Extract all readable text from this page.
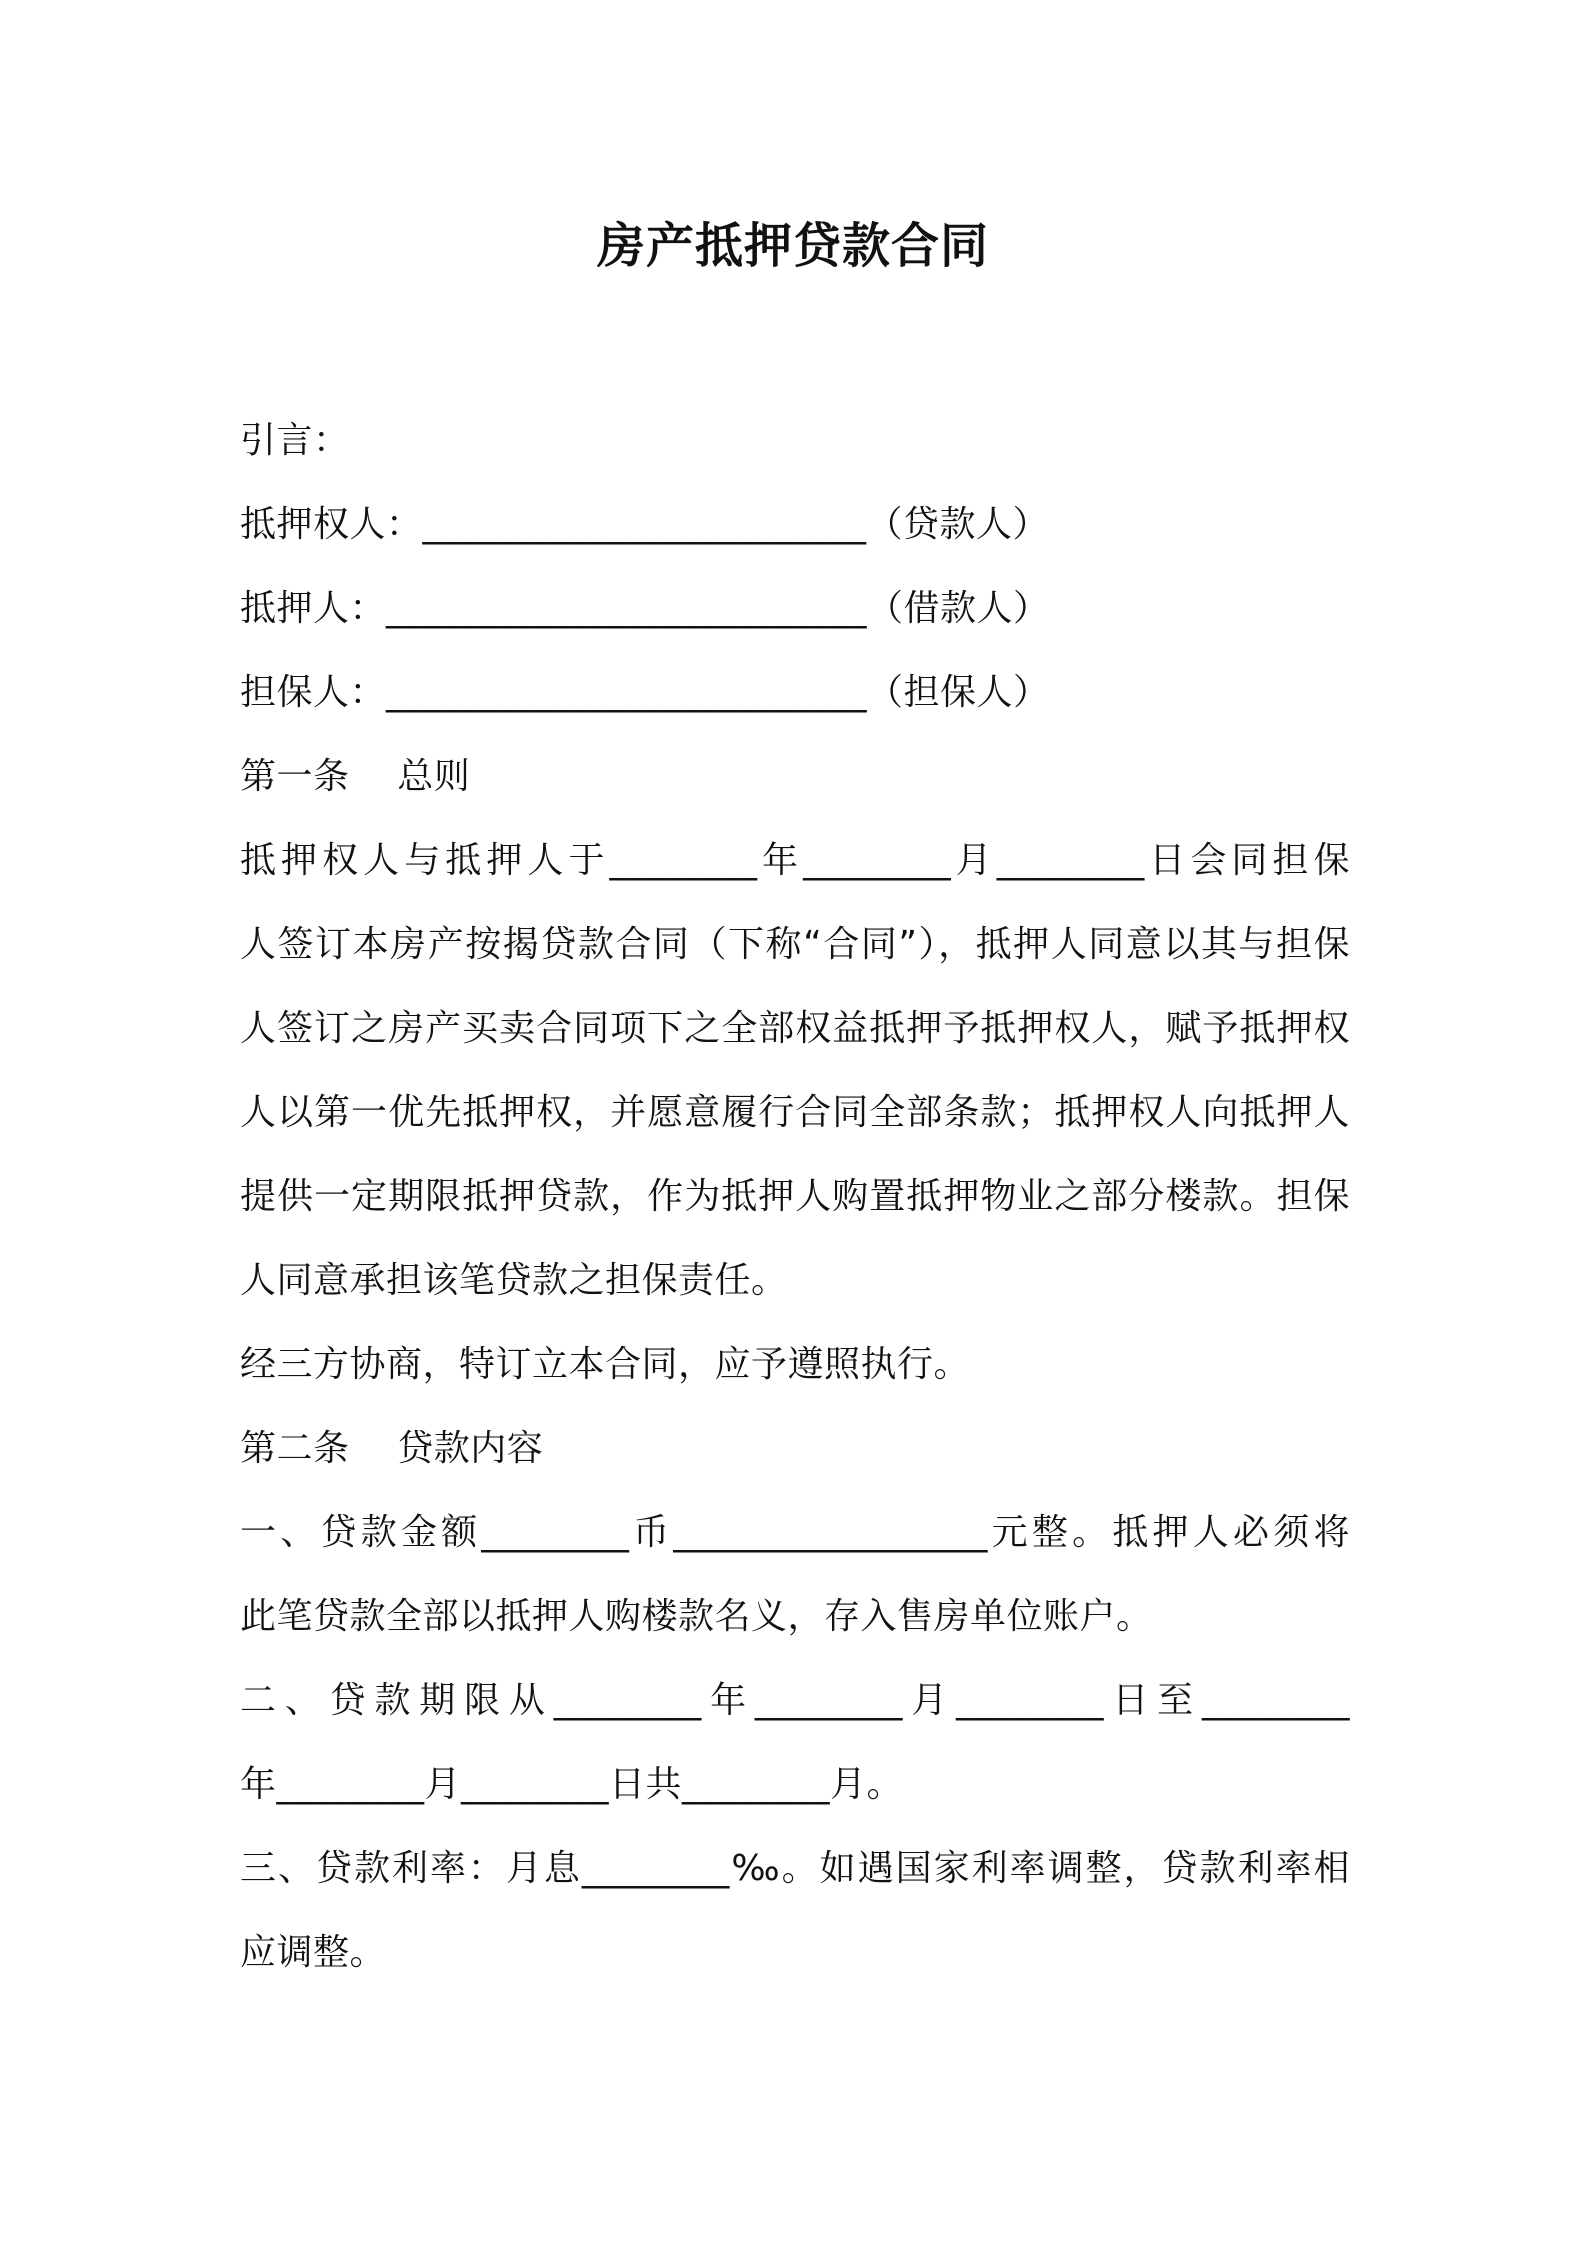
房产抵押贷款合同
引言：
抵押权人：________________________（贷款人）
抵押人：__________________________（借款人）
担保人：__________________________（担保人）
第一条    总则
抵押权人与抵押人于________年________月________日会同担保
人签订本房产按揭贷款合同（下称“合同”），抵押人同意以其与担保
人签订之房产买卖合同项下之全部权益抵押予抵押权人，赋予抵押权
人以第一优先抵押权，并愿意履行合同全部条款；抵押权人向抵押人
提供一定期限抵押贷款，作为抵押人购置抵押物业之部分楼款。担保
人同意承担该笔贷款之担保责任。
经三方协商，特订立本合同，应予遵照执行。
第二条    贷款内容
一、贷款金额________币_________________元整。抵押人必须将
此笔贷款全部以抵押人购楼款名义，存入售房单位账户。
二、贷款期限从________年________月________日至________
年________月________日共________月。
三、贷款利率：月息________‰。如遇国家利率调整，贷款利率相
应调整。
